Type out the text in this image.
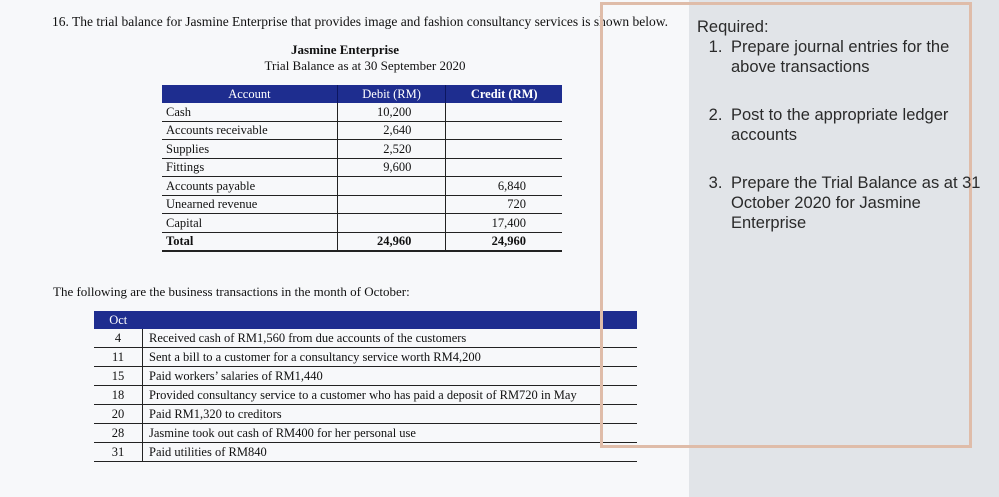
16. The trial balance for Jasmine Enterprise that provides image and fashion consultancy services is shown below.
Jasmine Enterprise
Trial Balance as at 30 September 2020
Account	Debit (RM)	Credit (RM)
Cash	10,200	
Accounts receivable	2,640	
Supplies	2,520	
Fittings	9,600	
Accounts payable		6,840
Unearned revenue		720
Capital		17,400
Total	24,960	24,960
The following are the business transactions in the month of October:
Oct	
4	Received cash of RM1,560 from due accounts of the customers
11	Sent a bill to a customer for a consultancy service worth RM4,200
15	Paid workers’ salaries of RM1,440
18	Provided consultancy service to a customer who has paid a deposit of RM720 in May
20	Paid RM1,320 to creditors
28	Jasmine took out cash of RM400 for her personal use
31	Paid utilities of RM840
Required:
1. Prepare journal entries for the above transactions
2. Post to the appropriate ledger accounts
3. Prepare the Trial Balance as at 31 October 2020 for Jasmine Enterprise
